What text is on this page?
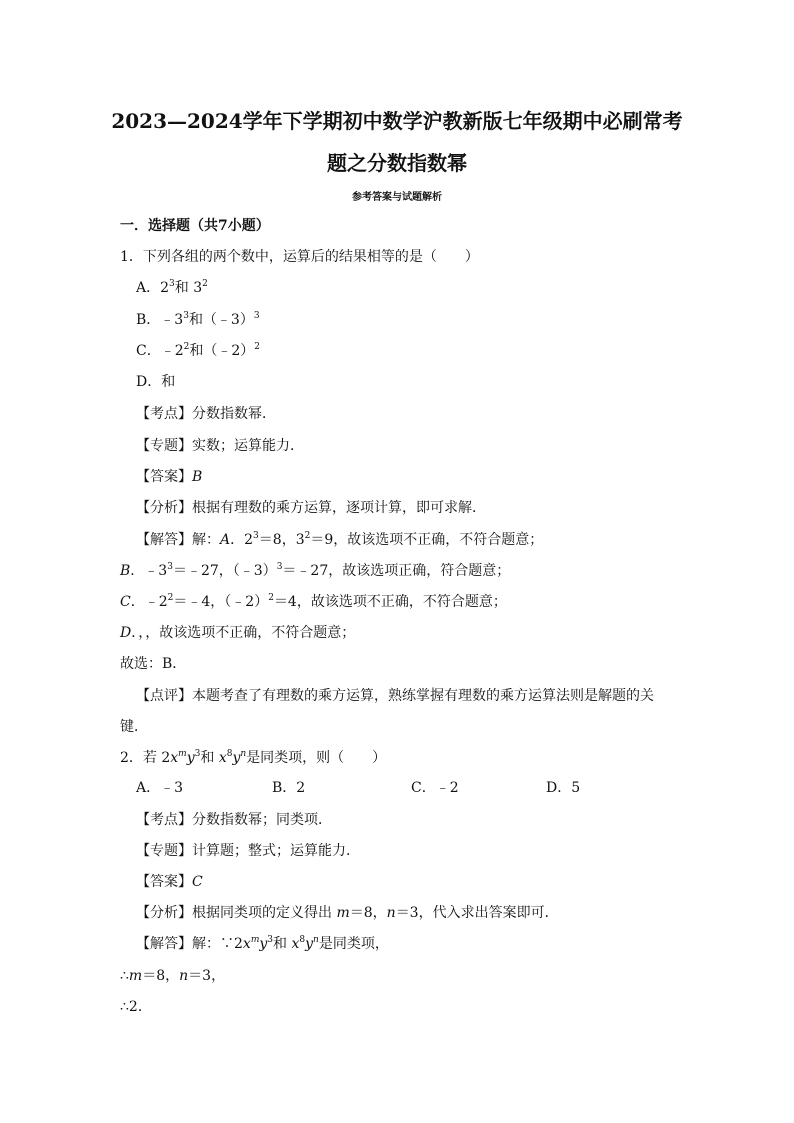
2023—2024学年下学期初中数学沪教新版七年级期中必刷常考
题之分数指数幂
参考答案与试题解析
一．选择题（共7小题）
1．下列各组的两个数中，运算后的结果相等的是（　　）
A．$2^3$和 $3^2$
B．$﹣3^3$和（﹣3）$^3$
C．$﹣2^2$和（﹣2）$^2$
D．和
【考点】分数指数幂．
【专题】实数；运算能力．
【答案】B
【分析】根据有理数的乘方运算，逐项计算，即可求解．
【解答】解：A．$2^3=8$，$3^2=9$，故该选项不正确，不符合题意；
B．$﹣3^3=﹣27$，（﹣3）$^3$＝﹣27，故该选项正确，符合题意；
C．$﹣2^2=﹣4$，（﹣2）$^2$＝4，故该选项不正确，不符合题意；
D．，，故该选项不正确，不符合题意；
故选：B．
【点评】本题考查了有理数的乘方运算，熟练掌握有理数的乘方运算法则是解题的关
键．
2．若 $2x^my^3$和 $x^8y^n$是同类项，则（　　）
A．﹣3	B．2	C．﹣2	D．5
【考点】分数指数幂；同类项．
【专题】计算题；整式；运算能力．
【答案】C
【分析】根据同类项的定义得出 m＝8，n＝3，代入求出答案即可．
【解答】解：$\because 2x^my^3$和 $x^8y^n$是同类项，
∴m＝8，n＝3，
∴2．
